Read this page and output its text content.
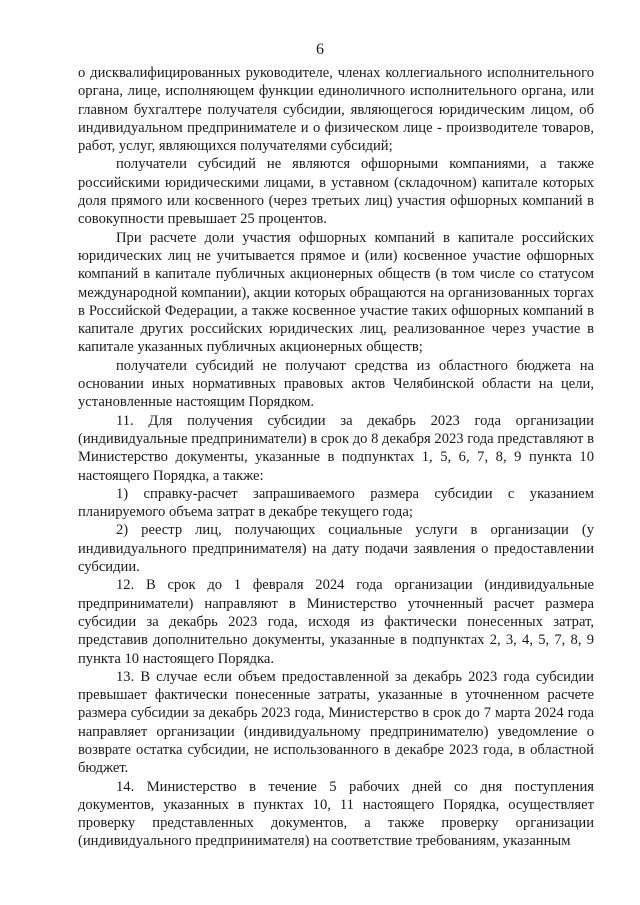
6

о дисквалифицированных руководителе, членах коллегиального исполнительного органа, лице, исполняющем функции единоличного исполнительного органа, или главном бухгалтере получателя субсидии, являющегося юридическим лицом, об индивидуальном предпринимателе и о физическом лице - производителе товаров, работ, услуг, являющихся получателями субсидий;

получатели субсидий не являются офшорными компаниями, а также российскими юридическими лицами, в уставном (складочном) капитале которых доля прямого или косвенного (через третьих лиц) участия офшорных компаний в совокупности превышает 25 процентов.

При расчете доли участия офшорных компаний в капитале российских юридических лиц не учитывается прямое и (или) косвенное участие офшорных компаний в капитале публичных акционерных обществ (в том числе со статусом международной компании), акции которых обращаются на организованных торгах в Российской Федерации, а также косвенное участие таких офшорных компаний в капитале других российских юридических лиц, реализованное через участие в капитале указанных публичных акционерных обществ;

получатели субсидий не получают средства из областного бюджета на основании иных нормативных правовых актов Челябинской области на цели, установленные настоящим Порядком.

11. Для получения субсидии за декабрь 2023 года организации (индивидуальные предприниматели) в срок до 8 декабря 2023 года представляют в Министерство документы, указанные в подпунктах 1, 5, 6, 7, 8, 9 пункта 10 настоящего Порядка, а также:

1) справку-расчет запрашиваемого размера субсидии с указанием планируемого объема затрат в декабре текущего года;

2) реестр лиц, получающих социальные услуги в организации (у индивидуального предпринимателя) на дату подачи заявления о предоставлении субсидии.

12. В срок до 1 февраля 2024 года организации (индивидуальные предприниматели) направляют в Министерство уточненный расчет размера субсидии за декабрь 2023 года, исходя из фактически понесенных затрат, представив дополнительно документы, указанные в подпунктах 2, 3, 4, 5, 7, 8, 9 пункта 10 настоящего Порядка.

13. В случае если объем предоставленной за декабрь 2023 года субсидии превышает фактически понесенные затраты, указанные в уточненном расчете размера субсидии за декабрь 2023 года, Министерство в срок до 7 марта 2024 года направляет организации (индивидуальному предпринимателю) уведомление о возврате остатка субсидии, не использованного в декабре 2023 года, в областной бюджет.

14. Министерство в течение 5 рабочих дней со дня поступления документов, указанных в пунктах 10, 11 настоящего Порядка, осуществляет проверку представленных документов, а также проверку организации (индивидуального предпринимателя) на соответствие требованиям, указанным
